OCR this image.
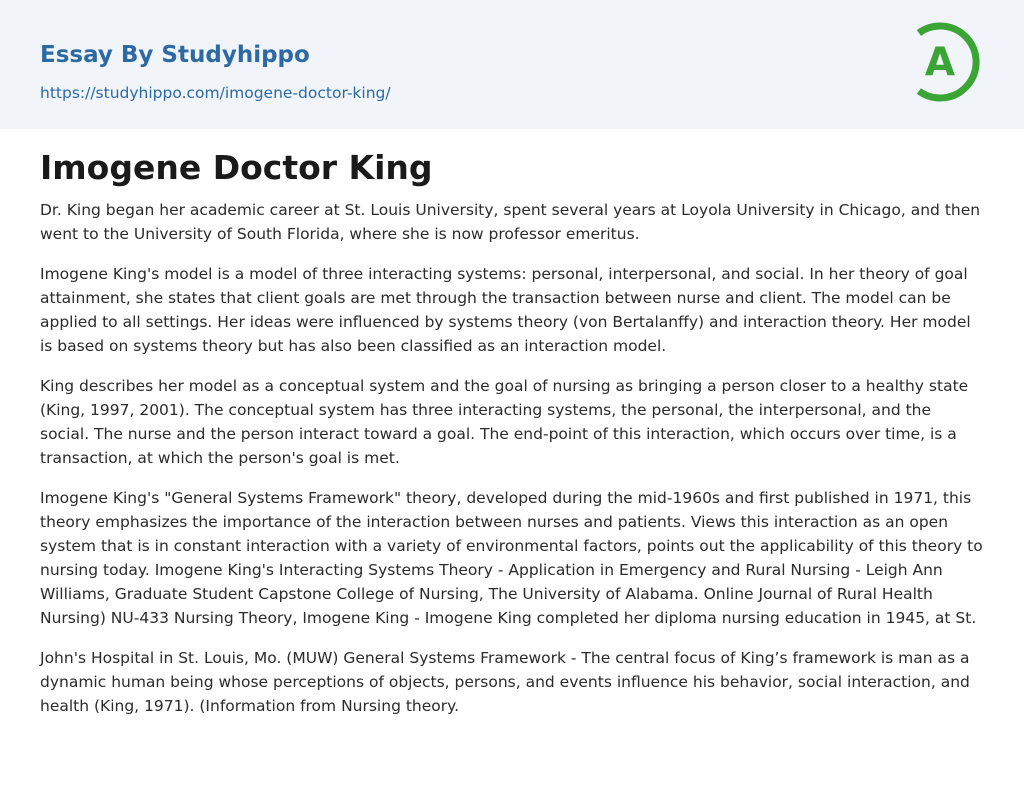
Essay By Studyhippo
https://studyhippo.com/imogene-doctor-king/
A
Imogene Doctor King

Dr. King began her academic career at St. Louis University, spent several years at Loyola University in Chicago, and then went to the University of South Florida, where she is now professor emeritus.

Imogene King's model is a model of three interacting systems: personal, interpersonal, and social. In her theory of goal attainment, she states that client goals are met through the transaction between nurse and client. The model can be applied to all settings. Her ideas were influenced by systems theory (von Bertalanffy) and interaction theory. Her model is based on systems theory but has also been classified as an interaction model.

King describes her model as a conceptual system and the goal of nursing as bringing a person closer to a healthy state (King, 1997, 2001). The conceptual system has three interacting systems, the personal, the interpersonal, and the social. The nurse and the person interact toward a goal. The end-point of this interaction, which occurs over time, is a transaction, at which the person's goal is met.

Imogene King's "General Systems Framework" theory, developed during the mid-1960s and first published in 1971, this theory emphasizes the importance of the interaction between nurses and patients. Views this interaction as an open system that is in constant interaction with a variety of environmental factors, points out the applicability of this theory to nursing today. Imogene King's Interacting Systems Theory - Application in Emergency and Rural Nursing - Leigh Ann Williams, Graduate Student Capstone College of Nursing, The University of Alabama. Online Journal of Rural Health Nursing) NU-433 Nursing Theory, Imogene King - Imogene King completed her diploma nursing education in 1945, at St.

John's Hospital in St. Louis, Mo. (MUW) General Systems Framework - The central focus of King’s framework is man as a dynamic human being whose perceptions of objects, persons, and events influence his behavior, social interaction, and health (King, 1971). (Information from Nursing theory.
